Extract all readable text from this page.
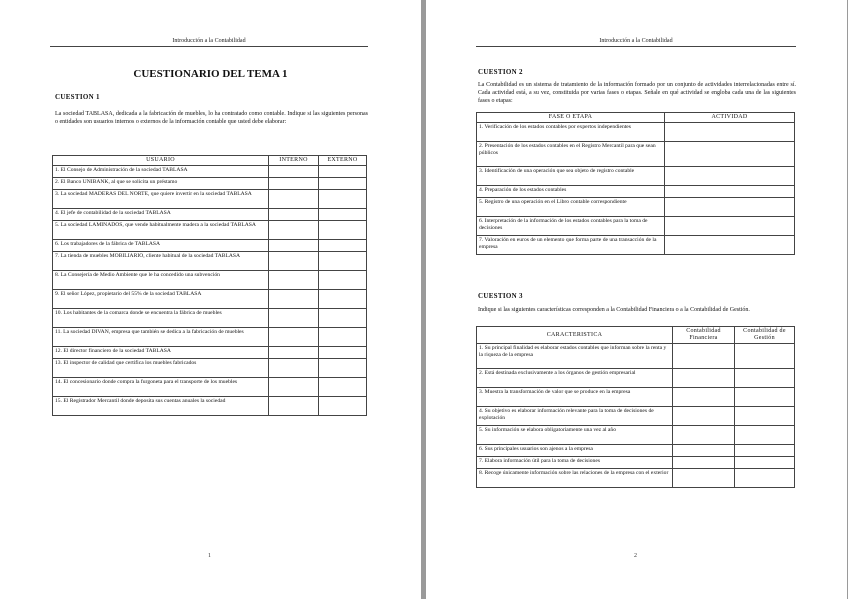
Introducción a la Contabilidad
CUESTIONARIO DEL TEMA 1
CUESTION 1
La sociedad TABLASA, dedicada a la fabricación de muebles, lo ha contratado como contable. Indique si las siguientes personas o entidades son usuarios internos o externos de la información contable que usted debe elaborar:
USUARIO	INTERNO	EXTERNO
1. El Consejo de Administración de la sociedad TABLASA		
2. El Banco UNIBANK, al que se solicita un préstamo		
3. La sociedad MADERAS DEL NORTE, que quiere invertir en la sociedad TABLASA		
4. El jefe de contabilidad de la sociedad TABLASA		
5. La sociedad LAMINADOS, que vende habitualmente madera a la sociedad TABLASA		
6. Los trabajadores de la fábrica de TABLASA		
7. La tienda de muebles MOBILIARIO, cliente habitual de la sociedad TABLASA		
8. La Consejería de Medio Ambiente que le ha concedido una subvención		
9. El señor López, propietario del 55% de la sociedad TABLASA		
10. Los habitantes de la comarca donde se encuentra la fábrica de muebles		
11. La sociedad DIVAN, empresa que también se dedica a la fabricación de muebles		
12. El director financiero de la sociedad TABLASA		
13. El inspector de calidad que certifica los muebles fabricados		
14. El concesionario donde compra la furgoneta para el transporte de los muebles		
15. El Registrador Mercantil donde deposita sus cuentas anuales la sociedad		
1
Introducción a la Contabilidad
CUESTION 2
La Contabilidad es un sistema de tratamiento de la información formado por un conjunto de actividades interrelacionadas entre sí. Cada actividad está, a su vez, constituida por varias fases o etapas. Señale en qué actividad se engloba cada una de las siguientes fases o etapas:
FASE O ETAPA	ACTIVIDAD
1. Verificación de los estados contables por expertos independientes	
2. Presentación de los estados contables en el Registro Mercantil para que sean públicos	
3. Identificación de una operación que sea objeto de registro contable	
4. Preparación de los estados contables	
5. Registro de una operación en el Libro contable correspondiente	
6. Interpretación de la información de los estados contables para la toma de decisiones	
7. Valoración en euros de un elemento que forma parte de una transacción de la empresa	
CUESTION 3
Indique si las siguientes características corresponden a la Contabilidad Financiera o a la Contabilidad de Gestión.
CARACTERISTICA	Contabilidad Financiera	Contabilidad de Gestión
1. Su principal finalidad es elaborar estados contables que informan sobre la renta y la riqueza de la empresa		
2. Está destinada exclusivamente a los órganos de gestión empresarial		
3. Muestra la transformación de valor que se produce en la empresa		
4. Su objetivo es elaborar información relevante para la toma de decisiones de explotación		
5. Su información se elabora obligatoriamente una vez al año		
6. Sus principales usuarios son ajenos a la empresa		
7. Elabora información útil para la toma de decisiones		
8. Recoge únicamente información sobre las relaciones de la empresa con el exterior		
2
